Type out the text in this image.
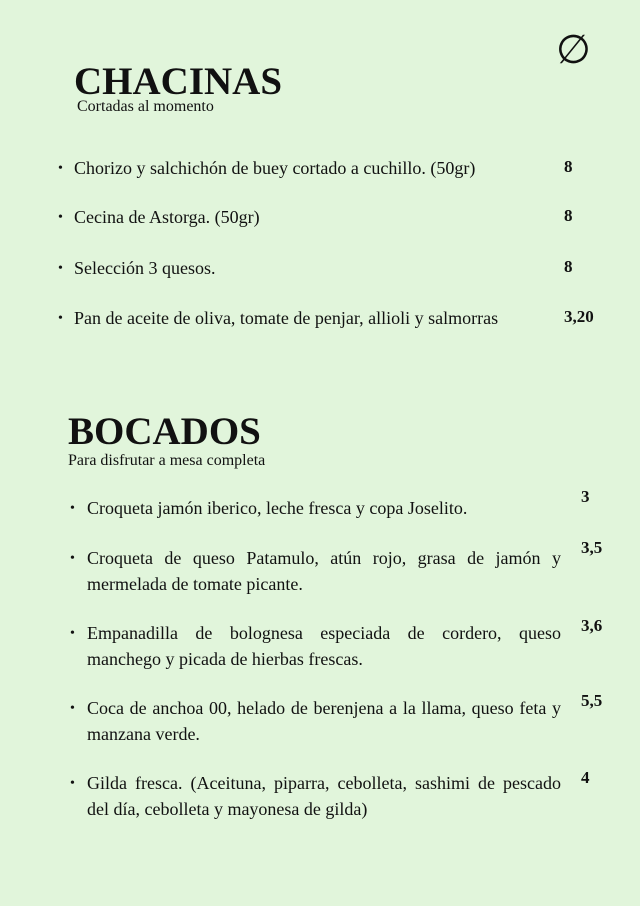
∅
CHACINAS
Cortadas al momento
• Chorizo y salchichón de buey cortado a cuchillo. (50gr)	8
• Cecina de Astorga. (50gr)	8
• Selección 3 quesos.	8
• Pan de aceite de oliva, tomate de penjar, allioli y salmorras	3,20
BOCADOS
Para disfrutar a mesa completa
• Croqueta jamón iberico, leche fresca y copa Joselito.
3
• Croqueta de queso Patamulo, atún rojo, grasa de jamón y mermelada de tomate picante.
3,5
• Empanadilla de bolognesa especiada de cordero, queso manchego y picada de hierbas frescas.
3,6
• Coca de anchoa 00, helado de berenjena a la llama, queso feta y manzana verde.
5,5
• Gilda fresca. (Aceituna, piparra, cebolleta, sashimi de pescado del día, cebolleta y mayonesa de gilda)
4
